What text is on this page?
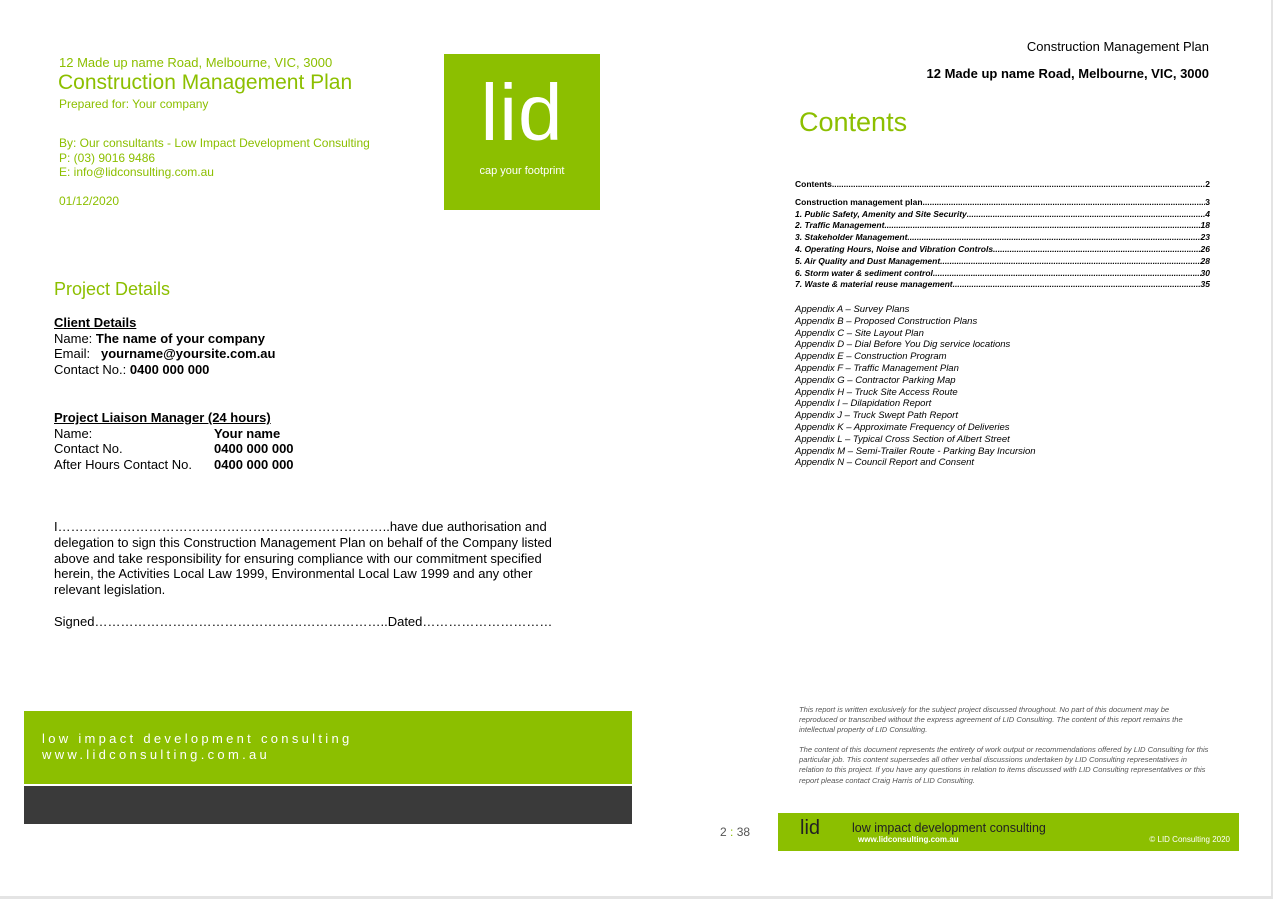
12 Made up name Road, Melbourne, VIC, 3000
Construction Management Plan
Prepared for: Your company
By: Our consultants - Low Impact Development Consulting
P: (03) 9016 9486
E: info@lidconsulting.com.au
01/12/2020
lid
cap your footprint
Project Details
Client Details
Name: The name of your company
Email:   yourname@yoursite.com.au
Contact No.: 0400 000 000
Project Liaison Manager (24 hours)
Name:	Your name
Contact No.	0400 000 000
After Hours Contact No. 0400 000 000
I…………………………………………………………………..have due authorisation and delegation to sign this Construction Management Plan on behalf of the Company listed above and take responsibility for ensuring compliance with our commitment specified herein, the Activities Local Law 1999, Environmental Local Law 1999 and any other relevant legislation.
Signed…………………………………………………………..Dated…………………………
low impact development consulting
www.lidconsulting.com.au
Construction Management Plan
12 Made up name Road, Melbourne, VIC, 3000
Contents
Contents .....	2
Construction management plan .....	3
1. Public Safety, Amenity and Site Security .....	4
2. Traffic Management .....	18
3. Stakeholder Management .....	23
4. Operating Hours, Noise and Vibration Controls .....	26
5. Air Quality and Dust Management .....	28
6. Storm water & sediment control .....	30
7. Waste & material reuse management .....	35
Appendix A – Survey Plans
Appendix B – Proposed Construction Plans
Appendix C – Site Layout Plan
Appendix D – Dial Before You Dig service locations
Appendix E – Construction Program
Appendix F – Traffic Management Plan
Appendix G – Contractor Parking Map
Appendix H – Truck Site Access Route
Appendix I – Dilapidation Report
Appendix J – Truck Swept Path Report
Appendix K – Approximate Frequency of Deliveries
Appendix L – Typical Cross Section of Albert Street
Appendix M – Semi-Trailer Route - Parking Bay Incursion
Appendix N – Council Report and Consent
This report is written exclusively for the subject project discussed throughout. No part of this document may be reproduced or transcribed without the express agreement of LID Consulting. The content of this report remains the intellectual property of LID Consulting.
The content of this document represents the entirety of work output or recommendations offered by LID Consulting for this particular job. This content supersedes all other verbal discussions undertaken by LID Consulting representatives in relation to this project. If you have any questions in relation to items discussed with LID Consulting representatives or this report please contact Craig Harris of LID Consulting.
2 : 38 lid	low impact development consulting
www.lidconsulting.com.au	© LID Consulting 2020
